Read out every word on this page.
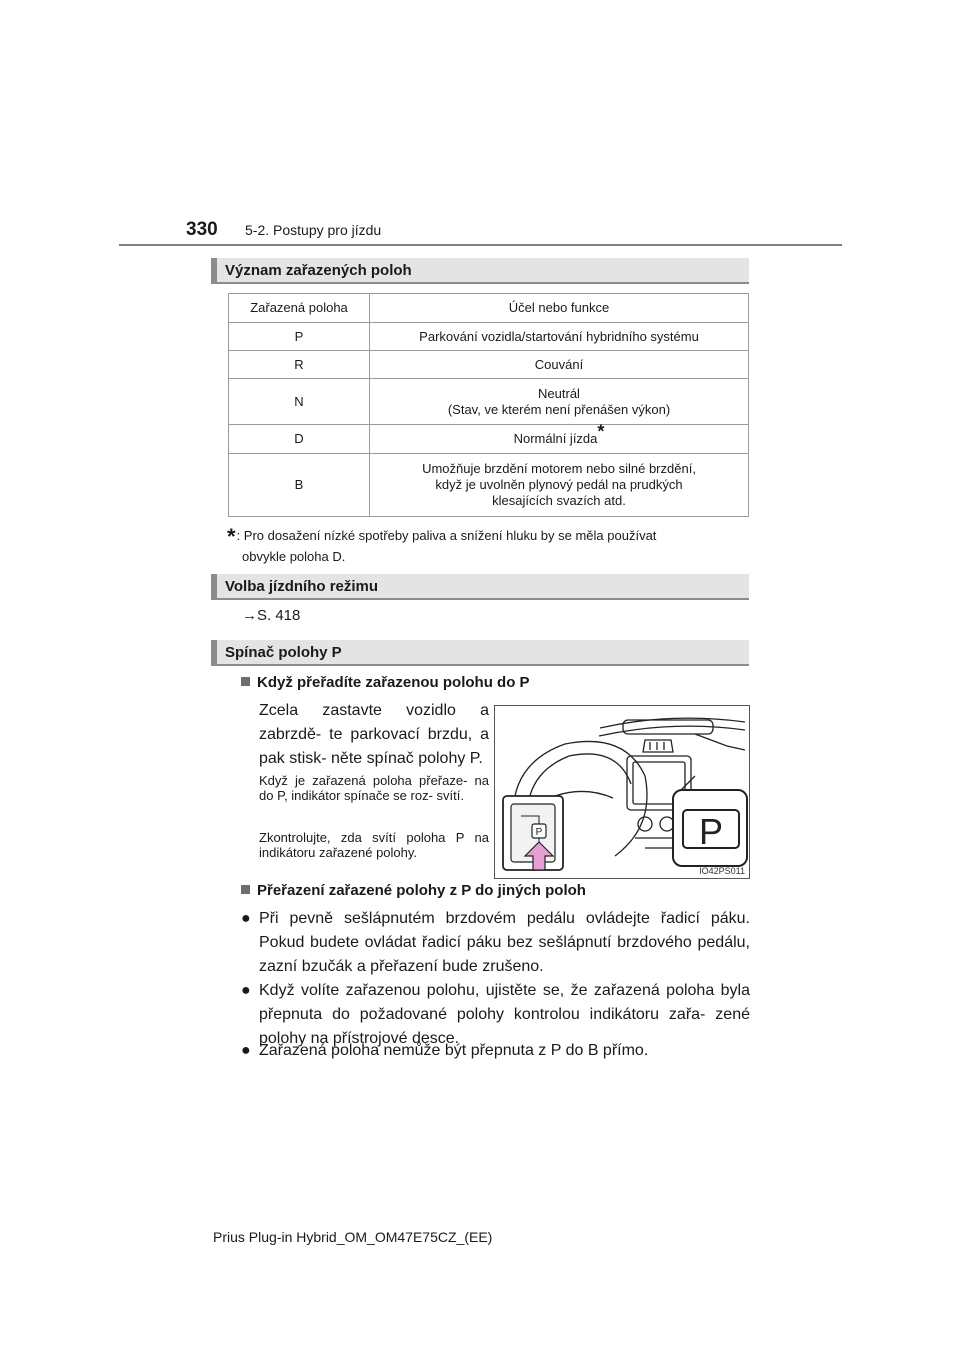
330 5-2. Postupy pro jízdu
Význam zařazených poloh
Zařazená poloha	Účel nebo funkce
P	Parkování vozidla/startování hybridního systému

R	Couvání

N	Neutrál
(Stav, ve kterém není přenášen výkon)

D	Normální jízda*
B	Umožňuje brzdění motorem nebo silné brzdění,
když je uvolněn plynový pedál na prudkých
klesajících svazích atd.
*: Pro dosažení nízké spotřeby paliva a snížení hluku by se měla používat
obvykle poloha D.
Volba jízdního režimu
→S. 418
Spínač polohy P
Když přeřadíte zařazenou polohu do P
Zcela zastavte vozidlo a zabrzdě- te parkovací brzdu, a pak stisk- něte spínač polohy P.
Když je zařazená poloha přeřaze- na do P, indikátor spínače se roz- svítí.
Zkontrolujte, zda svítí poloha P na indikátoru zařazené polohy.
P	P
IO42PS011
Přeřazení zařazené polohy z P do jiných poloh
● Při pevně sešlápnutém brzdovém pedálu ovládejte řadicí páku. Pokud budete ovládat řadicí páku bez sešlápnutí brzdového pedálu, zazní bzučák a přeřazení bude zrušeno.
● Když volíte zařazenou polohu, ujistěte se, že zařazená poloha byla přepnuta do požadované polohy kontrolou indikátoru zařa- zené polohy na přístrojové desce.
● Zařazená poloha nemůže být přepnuta z P do B přímo.
Prius Plug-in Hybrid_OM_OM47E75CZ_(EE)
